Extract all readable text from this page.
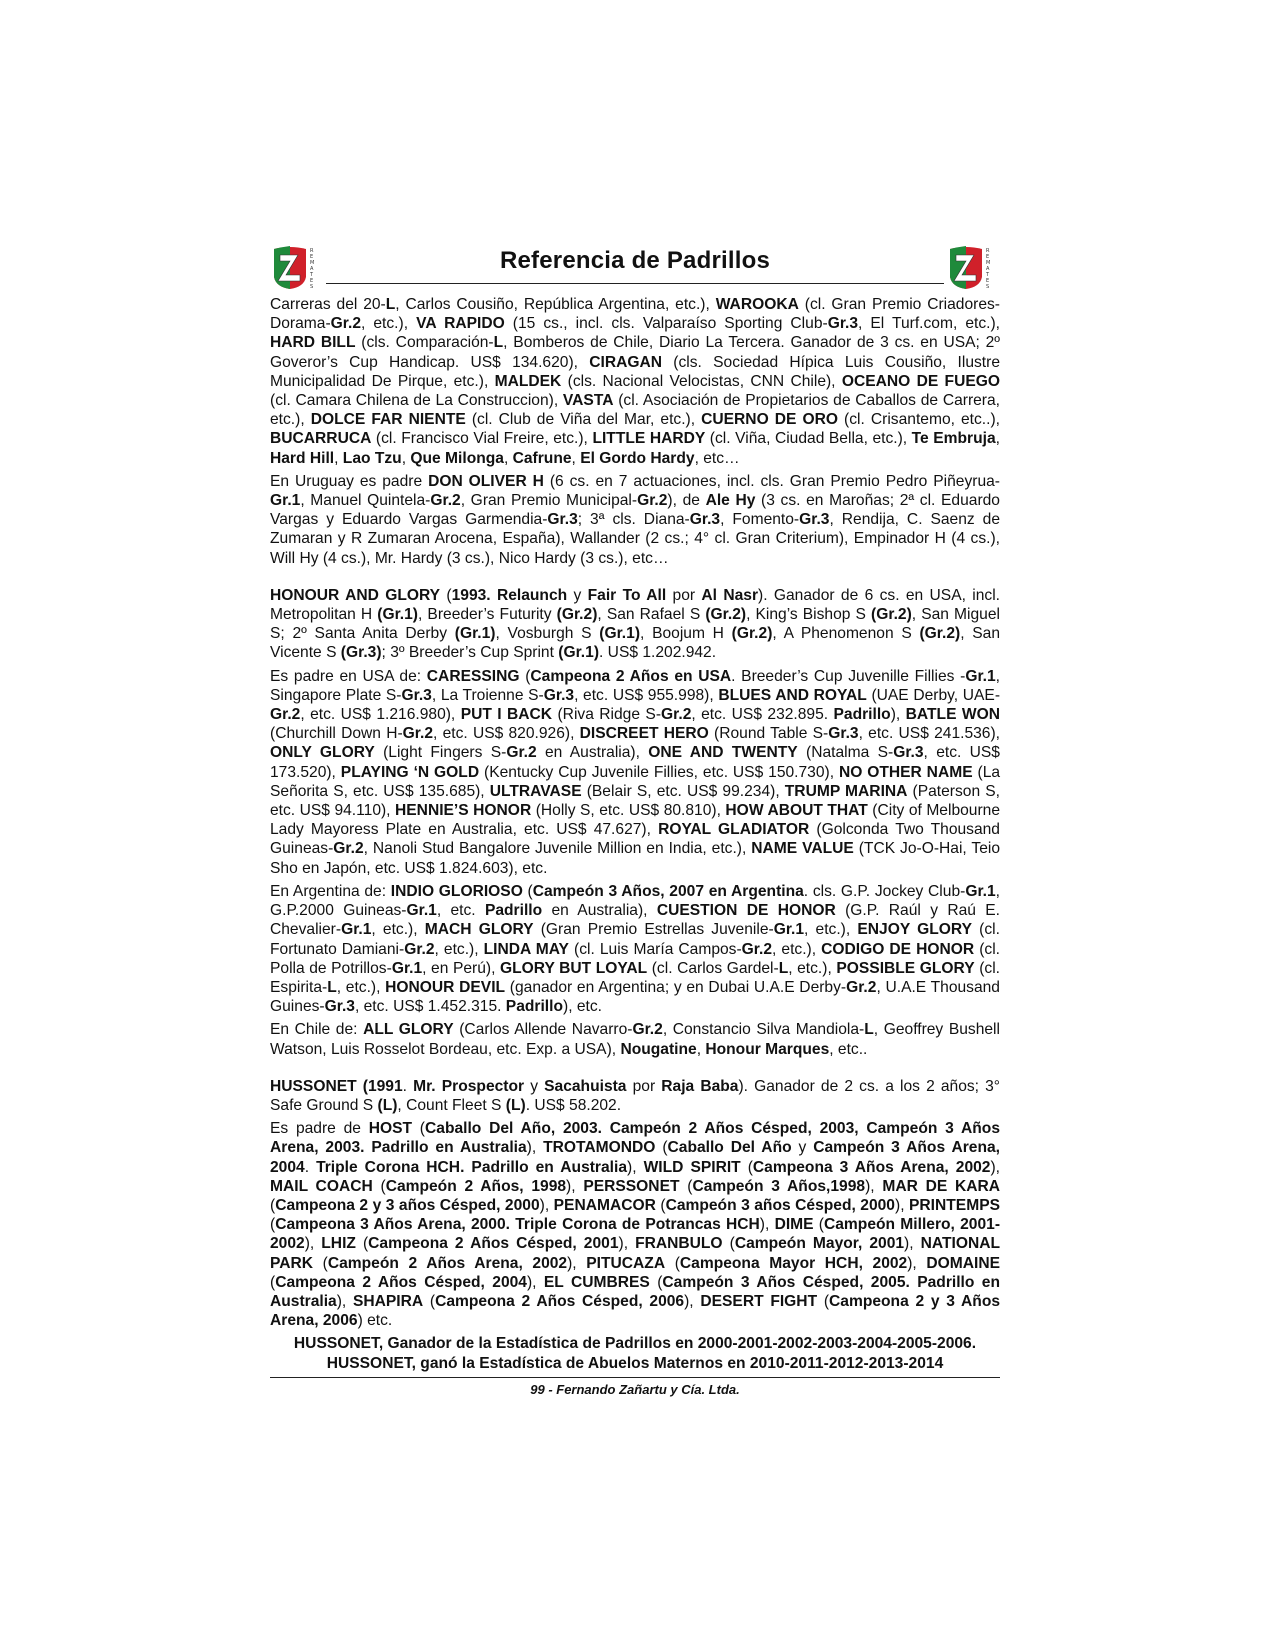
R
E
M
A
T
E
S
Referencia de Padrillos	R
E
M
A
T
E
S

Carreras del 20-L, Carlos Cousiño, República Argentina, etc.), WAROOKA (cl. Gran Premio Criadores-Dorama-Gr.2, etc.), VA RAPIDO (15 cs., incl. cls. Valparaíso Sporting Club-Gr.3, El Turf.com, etc.), HARD BILL (cls. Comparación-L, Bomberos de Chile, Diario La Tercera. Ganador de 3 cs. en USA; 2º Goveror’s Cup Handicap. US$ 134.620), CIRAGAN (cls. Sociedad Hípica Luis Cousiño, Ilustre Municipalidad De Pirque, etc.), MALDEK (cls. Nacional Velocistas, CNN Chile), OCEANO DE FUEGO (cl. Camara Chilena de La Construccion), VASTA (cl. Asociación de Propietarios de Caballos de Carrera, etc.), DOLCE FAR NIENTE (cl. Club de Viña del Mar, etc.), CUERNO DE ORO (cl. Crisantemo, etc..), BUCARRUCA (cl. Francisco Vial Freire, etc.), LITTLE HARDY (cl. Viña, Ciudad Bella, etc.), Te Embruja, Hard Hill, Lao Tzu, Que Milonga, Cafrune, El Gordo Hardy, etc…

En Uruguay es padre DON OLIVER H (6 cs. en 7 actuaciones, incl. cls. Gran Premio Pedro Piñeyrua-Gr.1, Manuel Quintela-Gr.2, Gran Premio Municipal-Gr.2), de Ale Hy (3 cs. en Maroñas; 2ª cl. Eduardo Vargas y Eduardo Vargas Garmendia-Gr.3; 3ª cls. Diana-Gr.3, Fomento-Gr.3, Rendija, C. Saenz de Zumaran y R Zumaran Arocena, España), Wallander (2 cs.; 4° cl. Gran Criterium), Empinador H (4 cs.), Will Hy (4 cs.), Mr. Hardy (3 cs.), Nico Hardy (3 cs.), etc…

HONOUR AND GLORY (1993. Relaunch y Fair To All por Al Nasr). Ganador de 6 cs. en USA, incl. Metropolitan H (Gr.1), Breeder’s Futurity (Gr.2), San Rafael S (Gr.2), King’s Bishop S (Gr.2), San Miguel S; 2º Santa Anita Derby (Gr.1), Vosburgh S (Gr.1), Boojum H (Gr.2), A Phenomenon S (Gr.2), San Vicente S (Gr.3); 3º Breeder’s Cup Sprint (Gr.1). US$ 1.202.942.

Es padre en USA de: CARESSING (Campeona 2 Años en USA. Breeder’s Cup Juvenille Fillies -Gr.1, Singapore Plate S-Gr.3, La Troienne S-Gr.3, etc. US$ 955.998), BLUES AND ROYAL (UAE Derby, UAE-Gr.2, etc. US$ 1.216.980), PUT I BACK (Riva Ridge S-Gr.2, etc. US$ 232.895. Padrillo), BATLE WON (Churchill Down H-Gr.2, etc. US$ 820.926), DISCREET HERO (Round Table S-Gr.3, etc. US$ 241.536), ONLY GLORY (Light Fingers S-Gr.2 en Australia), ONE AND TWENTY (Natalma S-Gr.3, etc. US$ 173.520), PLAYING ‘N GOLD (Kentucky Cup Juvenile Fillies, etc. US$ 150.730), NO OTHER NAME (La Señorita S, etc. US$ 135.685), ULTRAVASE (Belair S, etc. US$ 99.234), TRUMP MARINA (Paterson S, etc. US$ 94.110), HENNIE’S HONOR (Holly S, etc. US$ 80.810), HOW ABOUT THAT (City of Melbourne Lady Mayoress Plate en Australia, etc. US$ 47.627), ROYAL GLADIATOR (Golconda Two Thousand Guineas-Gr.2, Nanoli Stud Bangalore Juvenile Million en India, etc.), NAME VALUE (TCK Jo-O-Hai, Teio Sho en Japón, etc. US$ 1.824.603), etc.

En Argentina de: INDIO GLORIOSO (Campeón 3 Años, 2007 en Argentina. cls. G.P. Jockey Club-Gr.1, G.P.2000 Guineas-Gr.1, etc. Padrillo en Australia), CUESTION DE HONOR (G.P. Raúl y Raú E. Chevalier-Gr.1, etc.), MACH GLORY (Gran Premio Estrellas Juvenile-Gr.1, etc.), ENJOY GLORY (cl. Fortunato Damiani-Gr.2, etc.), LINDA MAY (cl. Luis María Campos-Gr.2, etc.), CODIGO DE HONOR (cl. Polla de Potrillos-Gr.1, en Perú), GLORY BUT LOYAL (cl. Carlos Gardel-L, etc.), POSSIBLE GLORY (cl. Espirita-L, etc.), HONOUR DEVIL (ganador en Argentina; y en Dubai U.A.E Derby-Gr.2, U.A.E Thousand Guines-Gr.3, etc. US$ 1.452.315. Padrillo), etc.

En Chile de: ALL GLORY (Carlos Allende Navarro-Gr.2, Constancio Silva Mandiola-L, Geoffrey Bushell Watson, Luis Rosselot Bordeau, etc. Exp. a USA), Nougatine, Honour Marques, etc..

HUSSONET (1991. Mr. Prospector y Sacahuista por Raja Baba). Ganador de 2 cs. a los 2 años; 3° Safe Ground S (L), Count Fleet S (L). US$ 58.202.

Es padre de HOST (Caballo Del Año, 2003. Campeón 2 Años Césped, 2003, Campeón 3 Años Arena, 2003. Padrillo en Australia), TROTAMONDO (Caballo Del Año y Campeón 3 Años Arena, 2004. Triple Corona HCH. Padrillo en Australia), WILD SPIRIT (Campeona 3 Años Arena, 2002), MAIL COACH (Campeón 2 Años, 1998), PERSSONET (Campeón 3 Años,1998), MAR DE KARA (Campeona 2 y 3 años Césped, 2000), PENAMACOR (Campeón 3 años Césped, 2000), PRINTEMPS (Campeona 3 Años Arena, 2000. Triple Corona de Potrancas HCH), DIME (Campeón Millero, 2001-2002), LHIZ (Campeona 2 Años Césped, 2001), FRANBULO (Campeón Mayor, 2001), NATIONAL PARK (Campeón 2 Años Arena, 2002), PITUCAZA (Campeona Mayor HCH, 2002), DOMAINE (Campeona 2 Años Césped, 2004), EL CUMBRES (Campeón 3 Años Césped, 2005. Padrillo en Australia), SHAPIRA (Campeona 2 Años Césped, 2006), DESERT FIGHT (Campeona 2 y 3 Años Arena, 2006) etc.

HUSSONET, Ganador de la Estadística de Padrillos en 2000-2001-2002-2003-2004-2005-2006.

HUSSONET, ganó la Estadística de Abuelos Maternos en 2010-2011-2012-2013-2014

99 - Fernando Zañartu y Cía. Ltda.
